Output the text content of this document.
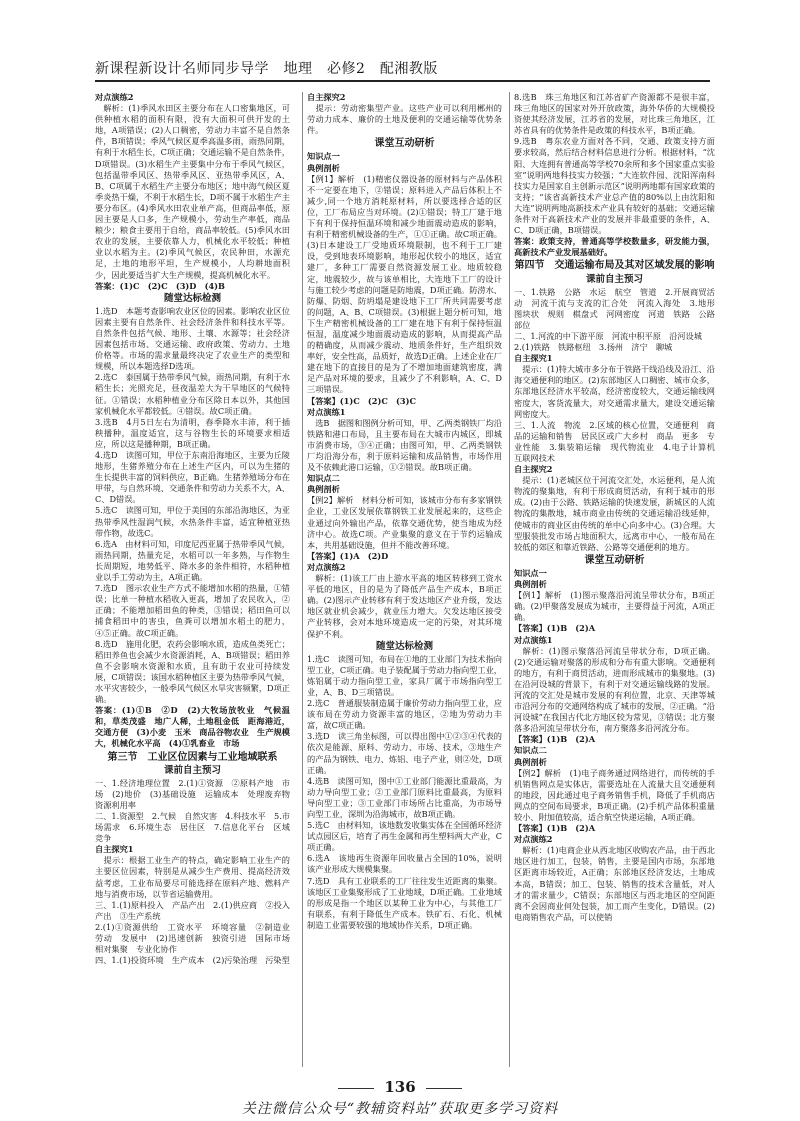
新课程新设计名师同步导学　地理　必修2　配湘教版

对点演练2

　解析：(1)季风水田区主要分布在人口密集地区，可供种植水稻的面积有限，没有大面积可供开发的土地，A项错误；(2)人口稠密，劳动力丰富不是自然条件，B项错误；季风气候区夏季高温多雨，雨热同期，有利于水稻生长，C项正确；交通运输不是自然条件，D项错误。(3)水稻生产主要集中分布于季风气候区，包括温带季风区、热带季风区、亚热带季风区，A、B、C项属于水稻生产主要分布地区；地中海气候区夏季炎热干燥，不利于水稻生长，D项不属于水稻生产主要分布区。(4)季风水田农业单产高，但商品率低，原因主要是人口多，生产规模小，劳动生产率低，商品粮少；粮食主要用于自给，商品率较低。(5)季风水田农业的发展，主要依靠人力，机械化水平较低；种植业以水稻为主。(2)季风气候区，农民种田，水源充足，土地的地形平坦，生产规模小，人均耕地面积少，因此要适当扩大生产规模，提高机械化水平。

答案：(1)C　(2)C　(3)D　(4)B

随堂达标检测

1.选D　本题考查影响农业区位的因素。影响农业区位因素主要有自然条件、社会经济条件和科技水平等。自然条件包括气候、地形、土壤、水源等；社会经济因素包括市场、交通运输、政府政策、劳动力、土地价格等。市场的需求量最终决定了农业生产的类型和规模，所以本题选择D选项。

2.选C　泰国属于热带季风气候，雨热同期，有利于水稻生长；光照充足，昼夜温差大为干旱地区的气候特征。①错误；水稻种植业分布区除日本以外，其他国家机械化水平都较低。④错误。故C项正确。

3.选B　4月5日左右为清明，春季降水丰沛，利于插秧播种，温度适宜，这与谷物生长的环境要求相适应，所以这是播种期，B项正确。

4.选D　读图可知，甲位于东南沿海地区，主要为丘陵地形，生猪养殖分布在上述生产区内，可以为生猪的生长提供丰富的饲料供应，B正确。生猪养殖场分布在甲带，与自然环境、交通条件和劳动力关系不大，A、C、D错误。

5.选C　读图可知，甲位于美国的东部沿海地区，为亚热带季风性湿润气候，水热条件丰富，适宜种植亚热带作物，故选C。

6.选A　由材料可知，印度尼西亚属于热带季风气候，雨热同期，热量充足，水稻可以一年多熟，与作物生长周期短，地势低平、降水多的条件相符，水稻种植业以手工劳动为主，A项正确。

7.选D　图示农业生产方式不能增加水稻的热量，①错误；比单一种植水稻收入更高，增加了农民收入，②正确；不能增加稻田鱼的种类，③错误；稻田鱼可以捕食稻田中的害虫，鱼粪可以增加水稻土的肥力，④⑤正确。故C项正确。

8.选D　施用化肥，农药会影响水质，造成鱼类死亡；稻田养鱼也会减少水资源消耗，A、B项错误；稻田养鱼不会影响水资源和水质，且有助于农业可持续发展，C项错误；该国水稻种植区主要为热带季风气候，水平灾害较少，一般季风气候区水旱灾害频繁，D项正确。

答案：(1)①B　②D　(2)大牧场放牧业　气候温和，草类茂盛　地广人稀，土地租金低　距海港近，交通方便　(3)小麦　玉米　商品谷物农业　生产规模大，机械化水平高　(4)①乳畜业　市场

第三节　工业区位因素与工业地域联系

课前自主预习

一、1.经济地理位置　2.(1)①资源　②原料产地　市场　(2)地价　(3)基础设施　运输成本　处理废弃物　资源利用率

二、1.资源型　2.气候　自然灾害　4.科技水平　5.市场需求　6.环境生态　居住区　7.信息化平台　区域竞争

自主探究1

　提示：根据工业生产的特点，确定影响工业生产的主要区位因素，特别是从减少生产费用、提高经济效益考虑，工业布局要尽可能选择在原料产地、燃料产地与消费市场，以节省运输费用。

三、1.(1)原料投入　产品产出　2.(1)供应商　②投入　产出　③生产系统

2.(1)①资源供给　工资水平　环境容量　②制造业　劳动　发展中　(2)迅速创新　独资引进　国际市场　相对集聚　专业化协作

四、1.(1)投资环境　生产成本　(2)污染治理　污染型

自主探究2

　提示：劳动密集型产业。这些产业可以利用郴州的劳动力成本、廉价的土地及便利的交通运输等优势条件。

课堂互动研析

知识点一

典例剖析

【例1】解析　(1)精密仪器设备的原材料与产品体积不一定要在地下，②错误；原料进入产品后体积上不减少,同一个地方消耗原材料，所以要选择合适的区位，工厂布局应当对环境。(2)①错误；特工厂建于地下有利于保持恒温环境和减少地面震动造成的影响，有利于精密机械设备的生产，①①正确。故C项正确。(3)日本建设工厂受地质环境限制，也不利于工厂建设，受到地表环境影响，地形起伏较小的地区，适宜建厂，多种工厂需要自然资源发展工业。地质较稳定，地震较少，故与该单相比，大连地下工厂的设计与施工较少考虑的问题是防地震，D项正确。防涝水、防爆、防烟、防坍塌是建设地下工厂所共同需要考虑的问题，A、B、C项错误。(3)根据上题分析可知，地下生产精密机械设备的工厂建在地下有利于保持恒温恒湿，温度减少地面震动造成的影响，从而提高产品的精确度，从而减少震动、地质条件好，生产组织效率好，安全性高，品质好，故选D正确。上述企业在厂建在地下的直接目的是为了不增加地面建筑密度，满足产品对环境的要求，且减少了不利影响，A、C、D三项错误。

【答案】(1)C　(2)C　(3)C

对点演练1

　选B　据图和图例分析可知，甲、乙两类钢铁厂均沿铁路和港口布局，且主要布局在大城市内城区，即城市消费市场，③④正确；由图可知，甲、乙两类钢铁厂均沿海分布，利于原料运输和成品销售，市场作用及不依赖此港口运输，①②错误。故B项正确。

知识点二

典例剖析

【例2】解析　材料分析可知，该城市分布有多家钢铁企业，工业区发展依靠钢铁工业发展起来的，这些企业通过向外输出产品，依靠交通优势，使当地成为经济中心。故选C项。产业集聚的意义在于节约运输成本，共用基础设施，但并不能改善环境。

【答案】(1)A　(2)D

对点演练2

　解析：(1)该工厂由上游水平高的地区转移到工资水平低的地区，目的是为了降低产品生产成本，B项正确。(2)图示产业转移有利于发达地区产业升级，发达地区就业机会减少，就业压力增大。欠发达地区接受产业转移，会对本地环境造成一定的污染，对其环境保护不利。

随堂达标检测

1.选C　读图可知，布局在①地的工业部门为技术指向型工业，C项正确。电子装配属于劳动力指向型工业，炼铝属于动力指向型工业，家具厂属于市场指向型工业，A、B、D三项错误。

2.选C　普通服装制造属于廉价劳动力指向型工业，应该布局在劳动力资源丰富的地区，②地为劳动力丰富，故C项正确。

3.选D　读三角坐标图，可以得出图中①②③④代表的依次是能源、原料、劳动力、市场、技术，③地生产的产品为钢铁、电力、炼铝、电子产业，则②处，D项正确。

4.选B　读图可知，图中①工业部门能源比重最高，为动力导向型工业；②工业部门原料比重最高，为原料导向型工业；③工业部门市场所占比重高，为市场导向型工业，深圳为沿海城市，故B项正确。

5.选C　由材料知，该地数发收集实体在全国循环经济试点园区后，培育了再生金属和再生塑料两大产业，C项正确。

6.选A　该地再生资源年回收量占全国的10%，说明该产业形成大规模集聚。

7.选D　具有工业联系的工厂往往发生近距离的集聚。该地区工业集聚形成了工业地域，D项正确。工业地域的形成是指一个地区以某种工业为中心，与其他工厂有联系，有利于降低生产成本。铁矿石、石化、机械制造工业需要较强的地域协作关系，D项正确。

8.选B　珠三角地区和江苏省矿产资源都不是很丰富，珠三角地区的国家对外开放政策，海外华侨的大规模投资使其经济发展，江苏省的发展，对比珠三角地区，江苏省具有的优势条件是政策的科技水平，B项正确。

9.选B　粤东农业方面对各不同，交通、政策支持方面要求较高，然后结合材料信息进行分析。根据材料，“沈阳、大连拥有普通高等学校70余所和多个国家重点实验室”说明两地科技实力较强；“大连软件园、沈阳浑南科技实力是国家自主创新示范区”说明两地都有国家政策的支持；“该省高新技术产业总产值的80%以上由沈阳和大连”说明两地高新技术产业具有较好的基础；交通运输条件对于高新技术产业的发展并非最重要的条件，A、C、D项正确，B项错误。

答案：政策支持，普通高等学校数量多，研发能力强，高新技术产业发展基础好。

第四节　交通运输布局及其对区域发展的影响

课前自主预习

一、1.铁路　公路　水运　航空　管道　2.开展商贸活动　河流干流与支流的汇合处　河流入海处　3.地形　图块状　规则　棋盘式　河网密度　河道　铁路　公路　部位

二、1.河流的中下游平原　河流中积平原　沿河设城

2.(1)铁路　铁路枢纽　3.扬州　济宁　聊城

自主探究1

　提示：(1)特大城市多分布于铁路干线沿线及沿江、沿海交通便利的地区。(2)东部地区人口稠密、城市众多，东部地区经济水平较高，经济密度较大，交通运输线网密度大，客货流量大，对交通需求量大，建设交通运输网密度大。

三、1.人流　物流　2.区域的核心位置，交通便利　商品的运输和销售　居民区或广大乡村　商品　更多　专业性能　3.集装箱运输　现代物流业　4.电子计算机　互联网技术

自主探究2

　提示：(1)老城区位于河流交汇处，水运便利，是人流物流的聚集地，有利于形成商贸活动，有利于城市的形成。(2)由于公路、铁路运输的快速发展，新城区的人流物流的集散地，城市商业由传统的交通运输沿线延伸，使城市的商业区由传统的单中心向多中心。(3)合理。大型服装批发市场占地面积大，远离市中心，一般布局在较低的郊区和靠近铁路、公路等交通便利的地方。

课堂互动研析

知识点一

典例剖析

【例1】解析　(1)图示聚落沿河流呈带状分布，B项正确。(2)甲聚落发展成为城市，主要得益于河流，A项正确。

【答案】(1)B　(2)A

对点演练1

　解析：(1)图示聚落沿河流呈带状分布，D项正确。(2)交通运输对聚落的形成和分布有重大影响。交通便利的地方，有利于商贸活动，进而形成城市的集聚地。(3)在沿河设城的背景下，有利于对交通运输线路的发展。河流的交汇处是城市发展的有利位置，北京、天津等城市沿河分布的交通网络构成了城市的发展，②正确。“沿河设城”在我国古代北方地区较为常见，③错误；北方聚落多沿河流呈带状分布，南方聚落多沿河流分布。

【答案】(1)B　(2)A

知识点二

典例剖析

【例2】解析　(1)电子商务通过网络进行，而传统的手机销售网点是实体店，需要选址在人流量大且交通便利的地段，因此通过电子商务销售手机，降低了手机商店网点的空间布局要求，B项正确。(2)手机产品体积重量较小、附加值较高，适合航空快递运输，A项正确。

【答案】(1)B　(2)A

对点演练2

　解析：(1)电商企业从西北地区收购农产品，由于西北地区进行加工，包装，销售，主要是国内市场，东部地区距离市场较近，A正确；东部地区经济发达，土地成本高，B错误；加工、包装、销售的技术含量低，对人才的需求量少，C错误；东部地区与西北地区的空间距离不会因商业何处包装，加工而产生变化，D错误。(2)电商销售农产品，可以使销

136
关注微信公众号“教辅资料站”获取更多学习资料
